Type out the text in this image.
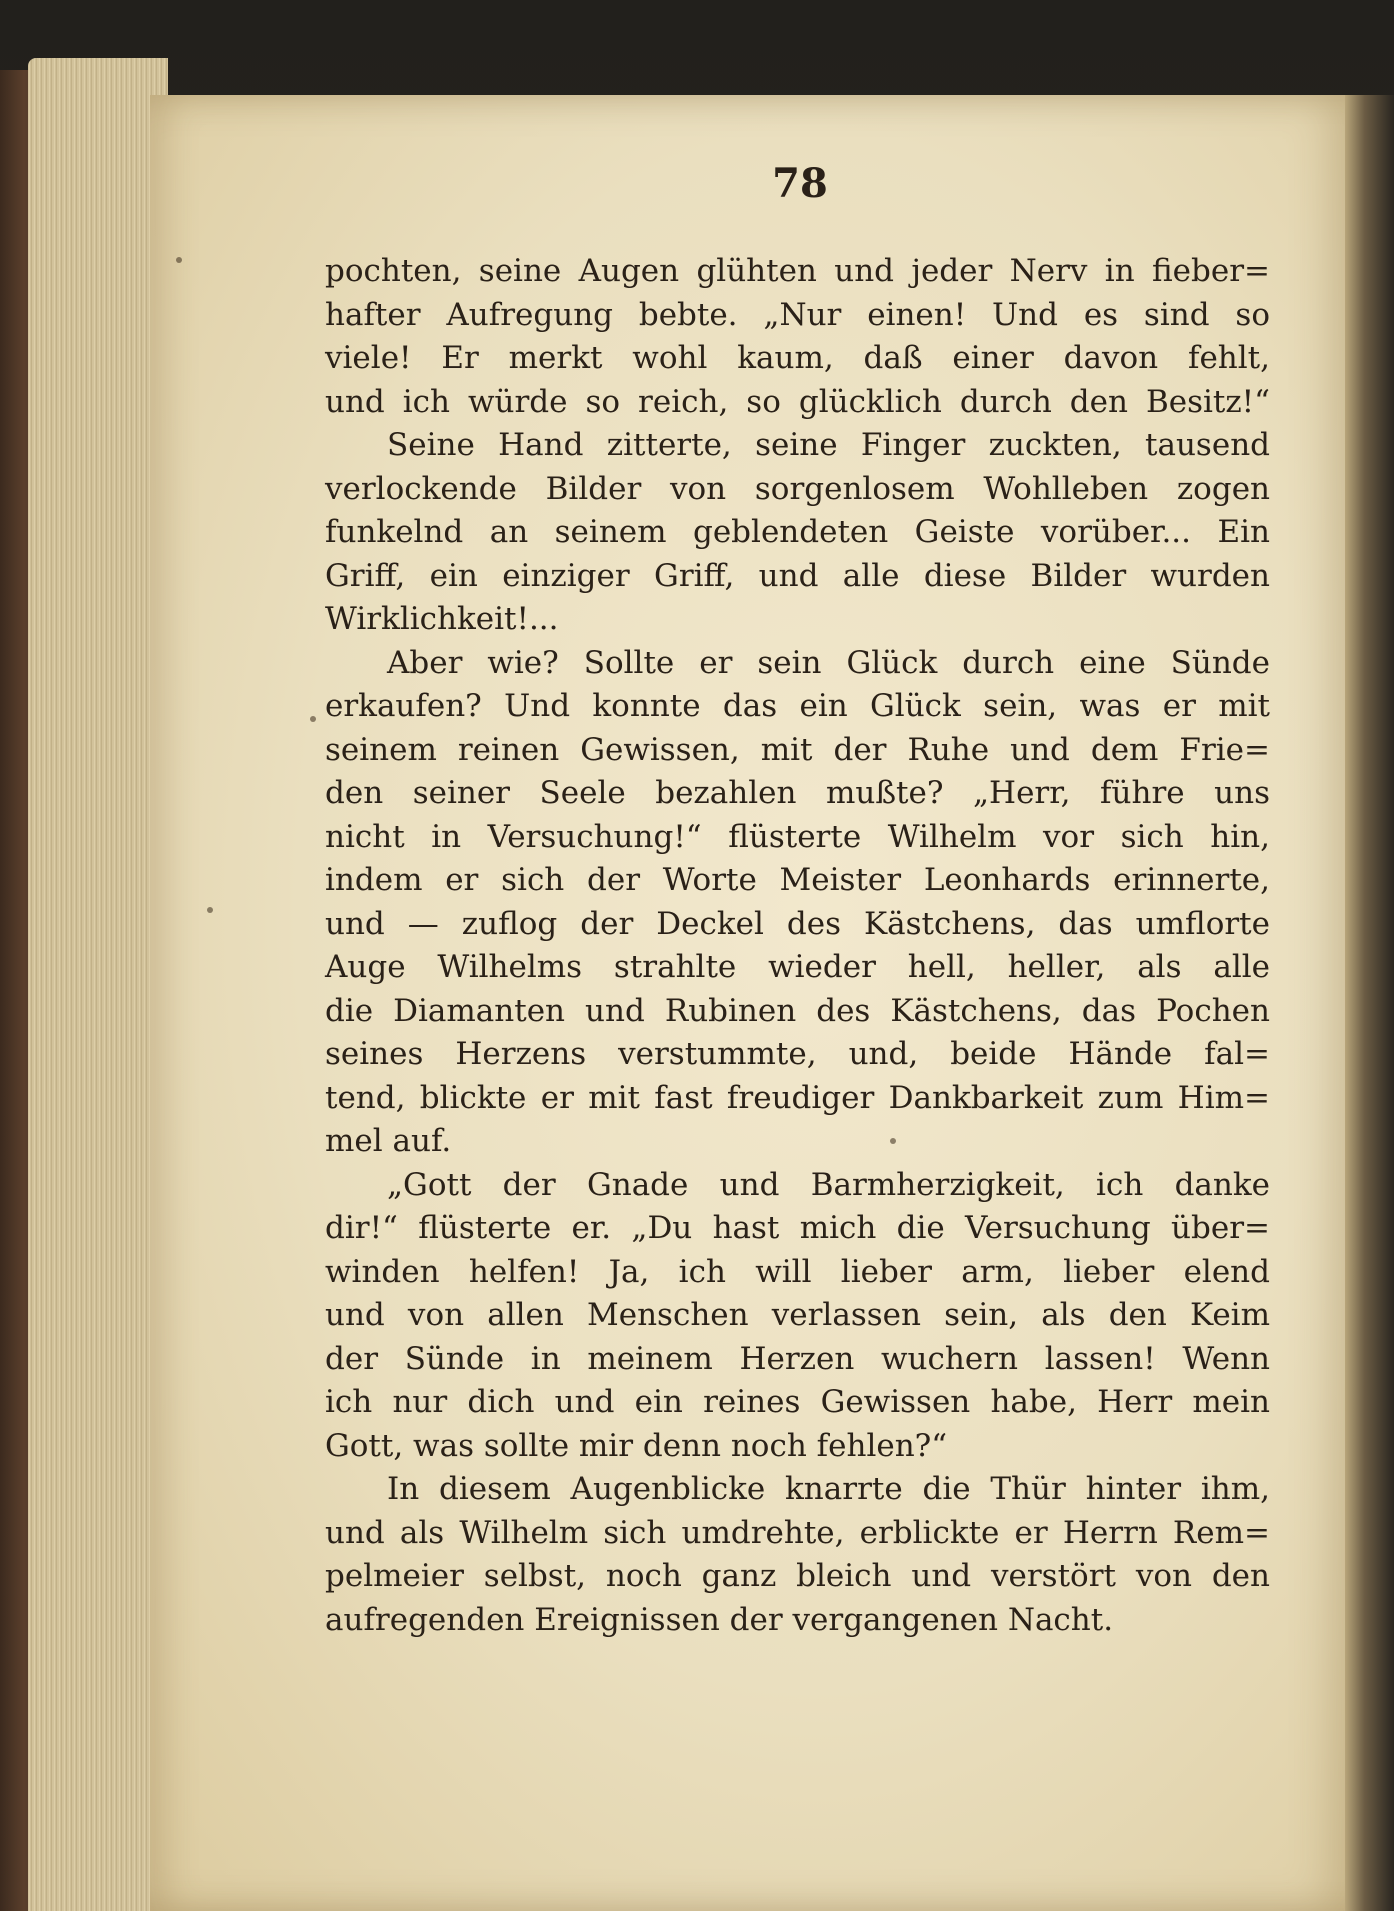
78
pochten, seine Augen glühten und jeder Nerv in fieber=
hafter Aufregung bebte. „Nur einen! Und es sind so
viele! Er merkt wohl kaum, daß einer davon fehlt,
und ich würde so reich, so glücklich durch den Besitz!“
Seine Hand zitterte, seine Finger zuckten, tausend
verlockende Bilder von sorgenlosem Wohlleben zogen
funkelnd an seinem geblendeten Geiste vorüber... Ein
Griff, ein einziger Griff, und alle diese Bilder wurden
Wirklichkeit!...
Aber wie? Sollte er sein Glück durch eine Sünde
erkaufen? Und konnte das ein Glück sein, was er mit
seinem reinen Gewissen, mit der Ruhe und dem Frie=
den seiner Seele bezahlen mußte? „Herr, führe uns
nicht in Versuchung!“ flüsterte Wilhelm vor sich hin,
indem er sich der Worte Meister Leonhards erinnerte,
und — zuflog der Deckel des Kästchens, das umflorte
Auge Wilhelms strahlte wieder hell, heller, als alle
die Diamanten und Rubinen des Kästchens, das Pochen
seines Herzens verstummte, und, beide Hände fal=
tend, blickte er mit fast freudiger Dankbarkeit zum Him=
mel auf.
„Gott der Gnade und Barmherzigkeit, ich danke
dir!“ flüsterte er. „Du hast mich die Versuchung über=
winden helfen! Ja, ich will lieber arm, lieber elend
und von allen Menschen verlassen sein, als den Keim
der Sünde in meinem Herzen wuchern lassen! Wenn
ich nur dich und ein reines Gewissen habe, Herr mein
Gott, was sollte mir denn noch fehlen?“
In diesem Augenblicke knarrte die Thür hinter ihm,
und als Wilhelm sich umdrehte, erblickte er Herrn Rem=
pelmeier selbst, noch ganz bleich und verstört von den
aufregenden Ereignissen der vergangenen Nacht.
